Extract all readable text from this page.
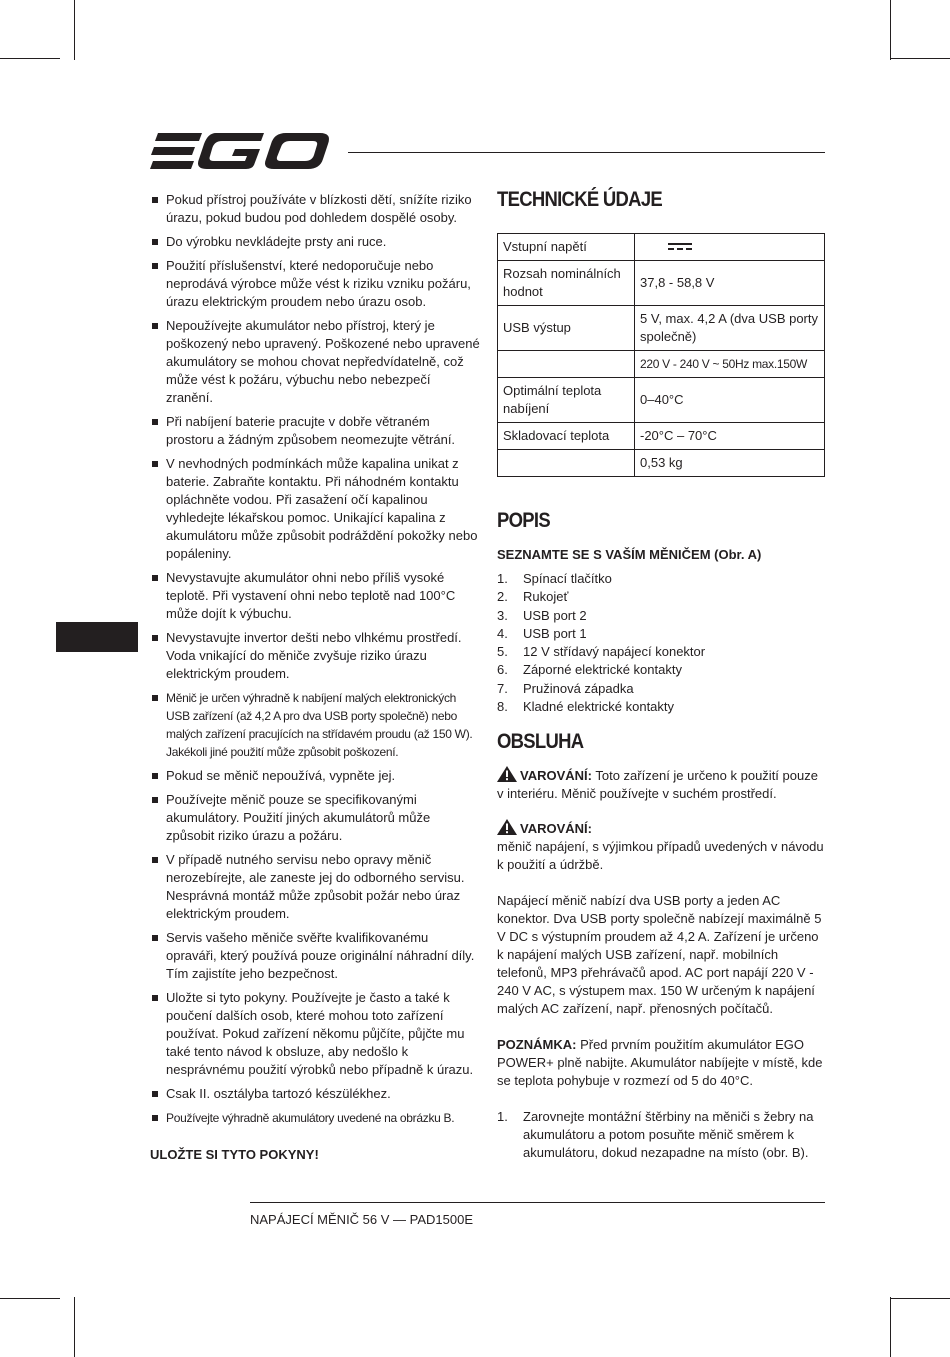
Pokud přístroj používáte v blízkosti dětí, snížíte riziko úrazu, pokud budou pod dohledem dospělé osoby.
Do výrobku nevkládejte prsty ani ruce.
Použití příslušenství, které nedoporučuje nebo neprodává výrobce může vést k riziku vzniku požáru, úrazu elektrickým proudem nebo úrazu osob.
Nepoužívejte akumulátor nebo přístroj, který je poškozený nebo upravený. Poškozené nebo upravené akumulátory se mohou chovat nepředvídatelně, což může vést k požáru, výbuchu nebo nebezpečí zranění.
Při nabíjení baterie pracujte v dobře větraném prostoru a žádným způsobem neomezujte větrání.
V nevhodných podmínkách může kapalina unikat z baterie. Zabraňte kontaktu. Při náhodném kontaktu opláchněte vodou. Při zasažení očí kapalinou vyhledejte lékařskou pomoc. Unikající kapalina z akumulátoru může způsobit podráždění pokožky nebo popáleniny.
Nevystavujte akumulátor ohni nebo příliš vysoké teplotě. Při vystavení ohni nebo teplotě nad 100°C může dojít k výbuchu.
Nevystavujte invertor dešti nebo vlhkému prostředí. Voda vnikající do měniče zvyšuje riziko úrazu elektrickým proudem.
Měnič je určen výhradně k nabíjení malých elektronických USB zařízení (až 4,2 A pro dva USB porty společně) nebo malých zařízení pracujících na střídavém proudu (až 150 W). Jakékoli jiné použití může způsobit poškození.
Pokud se měnič nepoužívá, vypněte jej.
Používejte měnič pouze se specifikovanými akumulátory. Použití jiných akumulátorů může způsobit riziko úrazu a požáru.
V případě nutného servisu nebo opravy měnič nerozebírejte, ale zaneste jej do odborného servisu. Nesprávná montáž může způsobit požár nebo úraz elektrickým proudem.
Servis vašeho měniče svěřte kvalifikovanému opraváři, který používá pouze originální náhradní díly. Tím zajistíte jeho bezpečnost.
Uložte si tyto pokyny. Používejte je často a také k poučení dalších osob, které mohou toto zařízení používat. Pokud zařízení někomu půjčíte, půjčte mu také tento návod k obsluze, aby nedošlo k nesprávnému použití výrobků nebo případně k úrazu.
Csak II. osztályba tartozó készülékhez.
Používejte výhradně akumulátory uvedené na obrázku B.
ULOŽTE SI TYTO POKYNY!
TECHNICKÉ ÚDAJE
Vstupní napětí	

Rozsah nominálních hodnot	37,8 - 58,8 V
USB výstup	5 V, max. 4,2 A (dva USB porty společně)
	220 V - 240 V ~ 50Hz max.150W
Optimální teplota nabíjení	0–40°C
Skladovací teplota	-20°C – 70°C
	0,53 kg
POPIS
SEZNAMTE SE S VAŠÍM MĚNIČEM (Obr. A)
1.	Spínací tlačítko
2.	Rukojeť
3.	USB port 2
4.	USB port 1
5.	12 V střídavý napájecí konektor
6.	Záporné elektrické kontakty
7.	Pružinová západka
8.	Kladné elektrické kontakty
OBSLUHA

VAROVÁNÍ: Toto zařízení je určeno k použití pouze v interiéru. Měnič používejte v suchém prostředí.

VAROVÁNÍ:

měnič napájení, s výjimkou případů uvedených v návodu k použití a údržbě.

Napájecí měnič nabízí dva USB porty a jeden AC konektor. Dva USB porty společně nabízejí maximálně 5 V DC s výstupním proudem až 4,2 A. Zařízení je určeno k napájení malých USB zařízení, např. mobilních telefonů, MP3 přehrávačů apod. AC port napájí 220 V - 240 V AC, s výstupem max. 150 W určeným k napájení malých AC zařízení, např. přenosných počítačů.

POZNÁMKA: Před prvním použitím akumulátor EGO POWER+ plně nabijte. Akumulátor nabíjejte v místě, kde se teplota pohybuje v rozmezí od 5 do 40°C.

1.	Zarovnejte montážní štěrbiny na měniči s žebry na akumulátoru a potom posuňte měnič směrem k akumulátoru, dokud nezapadne na místo (obr. B).
NAPÁJECÍ MĚNIČ 56 V — PAD1500E
